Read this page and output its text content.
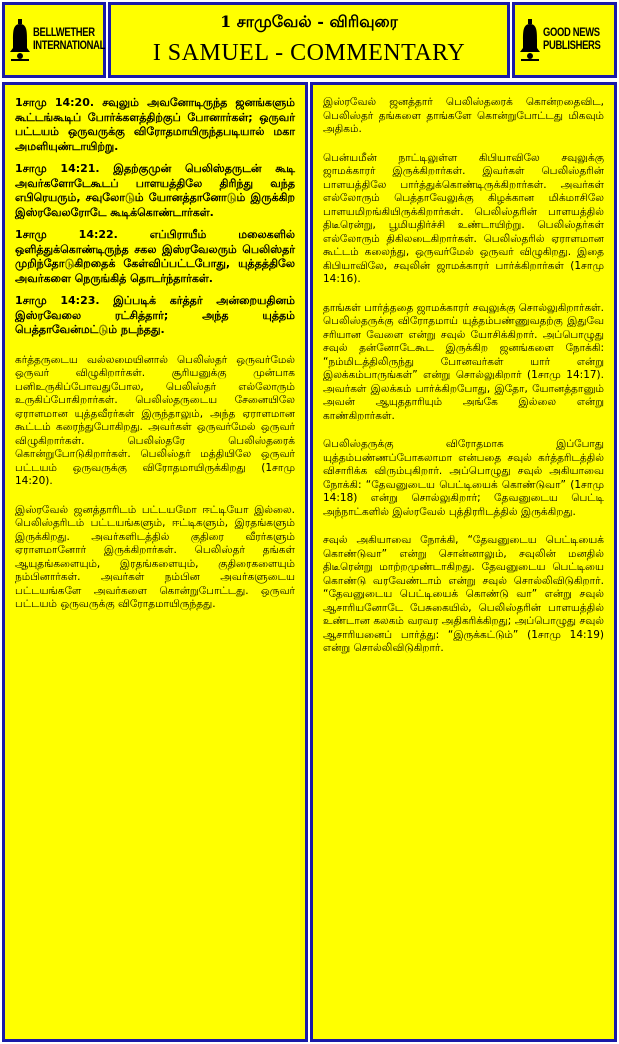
BELLWETHER
INTERNATIONAL
1 சாமுவேல் - விரிவுரை
I SAMUEL - COMMENTARY
GOOD NEWS
PUBLISHERS

1சாமு 14:20. சவுலும் அவனோடிருந்த ஜனங்களும் கூட்டங்கூடிப் போர்க்களத்திற்குப் போனார்கள்; ஒருவர் பட்டயம் ஒருவருக்கு விரோதமாயிருந்தபடியால் மகா அமளியுண்டாயிற்று.

1சாமு 14:21. இதற்குமுன் பெலிஸ்தருடன் கூடி அவர்களோடேகூடப் பாளயத்திலே திரிந்து வந்த எபிரெயரும், சவுலோடும் யோனத்தானோடும் இருக்கிற இஸ்ரவேலரோடே கூடிக்கொண்டார்கள்.

1சாமு 14:22. எப்பிராயீம் மலைகளில் ஒளித்துக்கொண்டிருந்த சகல இஸ்ரவேலரும் பெலிஸ்தர் முறிந்தோடுகிறதைக் கேள்விப்பட்டபோது, யுத்தத்திலே அவர்களை நெருங்கித் தொடர்ந்தார்கள்.

1சாமு 14:23. இப்படிக் கர்த்தர் அன்றையதினம் இஸ்ரவேலை ரட்சித்தார்; அந்த யுத்தம் பெத்தாவேன்மட்டும் நடந்தது.

கர்த்தருடைய வல்லமையினால் பெலிஸ்தர் ஒருவர்மேல் ஒருவர் விழுகிறார்கள். சூரியனுக்கு முன்பாக பனிஉருகிப்போவதுபோல, பெலிஸ்தர் எல்லோரும் உருகிப்போகிறார்கள். பெலிஸ்தருடைய சேனையிலே ஏராளமான யுத்தவீரர்கள் இருந்தாலும், அந்த ஏராளமான கூட்டம் கரைந்துபோகிறது. அவர்கள் ஒருவர்மேல் ஒருவர் விழுகிறார்கள். பெலிஸ்தரே பெலிஸ்தரைக் கொன்றுபோடுகிறார்கள். பெலிஸ்தர் மத்தியிலே ஒருவர் பட்டயம் ஒருவருக்கு விரோதமாயிருக்கிறது (1சாமு 14:20).

இஸ்ரவேல் ஜனத்தாரிடம் பட்டயமோ ஈட்டியோ இல்லை. பெலிஸ்தரிடம் பட்டயங்களும், ஈட்டிகளும், இரதங்களும் இருக்கிறது. அவர்களிடத்தில் குதிரை வீரர்களும் ஏராளமானோர் இருக்கிறார்கள். பெலிஸ்தர் தங்கள் ஆயுதங்களையும், இரதங்களையும், குதிரைகளையும் நம்பினார்கள். அவர்கள் நம்பின அவர்களுடைய பட்டயங்களே அவர்களை கொன்றுபோட்டது. ஒருவர் பட்டயம் ஒருவருக்கு விரோதமாயிருந்தது.

இஸ்ரவேல் ஜனத்தார் பெலிஸ்தரைக் கொன்றதைவிட, பெலிஸ்தர் தங்களை தாங்களே கொன்றுபோட்டது மிகவும் அதிகம்.

பென்யமீன் நாட்டிலுள்ள கிபியாவிலே சவுலுக்கு ஜாமக்காரர் இருக்கிறார்கள். இவர்கள் பெலிஸ்தரின் பாளயத்திலே பார்த்துக்கொண்டிருக்கிறார்கள். அவர்கள் எல்லோரும் பெத்தாவேலுக்கு கிழக்கான மிக்மாசிலே பாளயமிறங்கியிருக்கிறார்கள். பெலிஸ்தரின் பாளயத்தில் திடீரென்று, பூமியதிர்ச்சி உண்டாயிற்று. பெலிஸ்தர்கள் எல்லோரும் திகிலடைகிறார்கள். பெலிஸ்தரில் ஏராளமான கூட்டம் கலைந்து, ஒருவர்மேல் ஒருவர் விழுகிறது. இதை கிபியாவிலே, சவுலின் ஜாமக்காரர் பார்க்கிறார்கள் (1சாமு 14:16).

தாங்கள் பார்த்ததை ஜாமக்காரர் சவுலுக்கு சொல்லுகிறார்கள். பெலிஸ்தருக்கு விரோதமாய் யுத்தம்பண்ணுவதற்கு இதுவே சரியான வேளை என்று சவுல் யோசிக்கிறார். அப்பொழுது சவுல் தன்னோடேகூட இருக்கிற ஜனங்களை நோக்கி: “நம்மிடத்திலிருந்து போனவர்கள் யார் என்று இலக்கம்பாருங்கள்” என்று சொல்லுகிறார் (1சாமு 14:17). அவர்கள் இலக்கம் பார்க்கிறபோது, இதோ, யோனத்தானும் அவன் ஆயுததாரியும் அங்கே இல்லை என்று காண்கிறார்கள்.

பெலிஸ்தருக்கு விரோதமாக இப்போது யுத்தம்பண்ணப்போகலாமா என்பதை சவுல் கர்த்தரிடத்தில் விசாரிக்க விரும்புகிறார். அப்பொழுது சவுல் அகியாவை நோக்கி: “தேவனுடைய பெட்டியைக் கொண்டுவா” (1சாமு 14:18) என்று சொல்லுகிறார்; தேவனுடைய பெட்டி அந்நாட்களில் இஸ்ரவேல் புத்திரரிடத்தில் இருக்கிறது.

சவுல் அகியாவை நோக்கி, “தேவனுடைய பெட்டியைக் கொண்டுவா” என்று சொன்னாலும், சவுலின் மனதில் திடீரென்று மாற்றமுண்டாகிறது. தேவனுடைய பெட்டியை கொண்டு வரவேண்டாம் என்று சவுல் சொல்லிவிடுகிறார். “தேவனுடைய பெட்டியைக் கொண்டு வா” என்று சவுல் ஆசாரியனோடே பேசுகையில், பெலிஸ்தரின் பாளயத்தில் உண்டான கலகம் வரவர அதிகரிக்கிறது; அப்பொழுது சவுல் ஆசாரியனைப் பார்த்து: “இருக்கட்டும்” (1சாமு 14:19) என்று சொல்லிவிடுகிறார்.
